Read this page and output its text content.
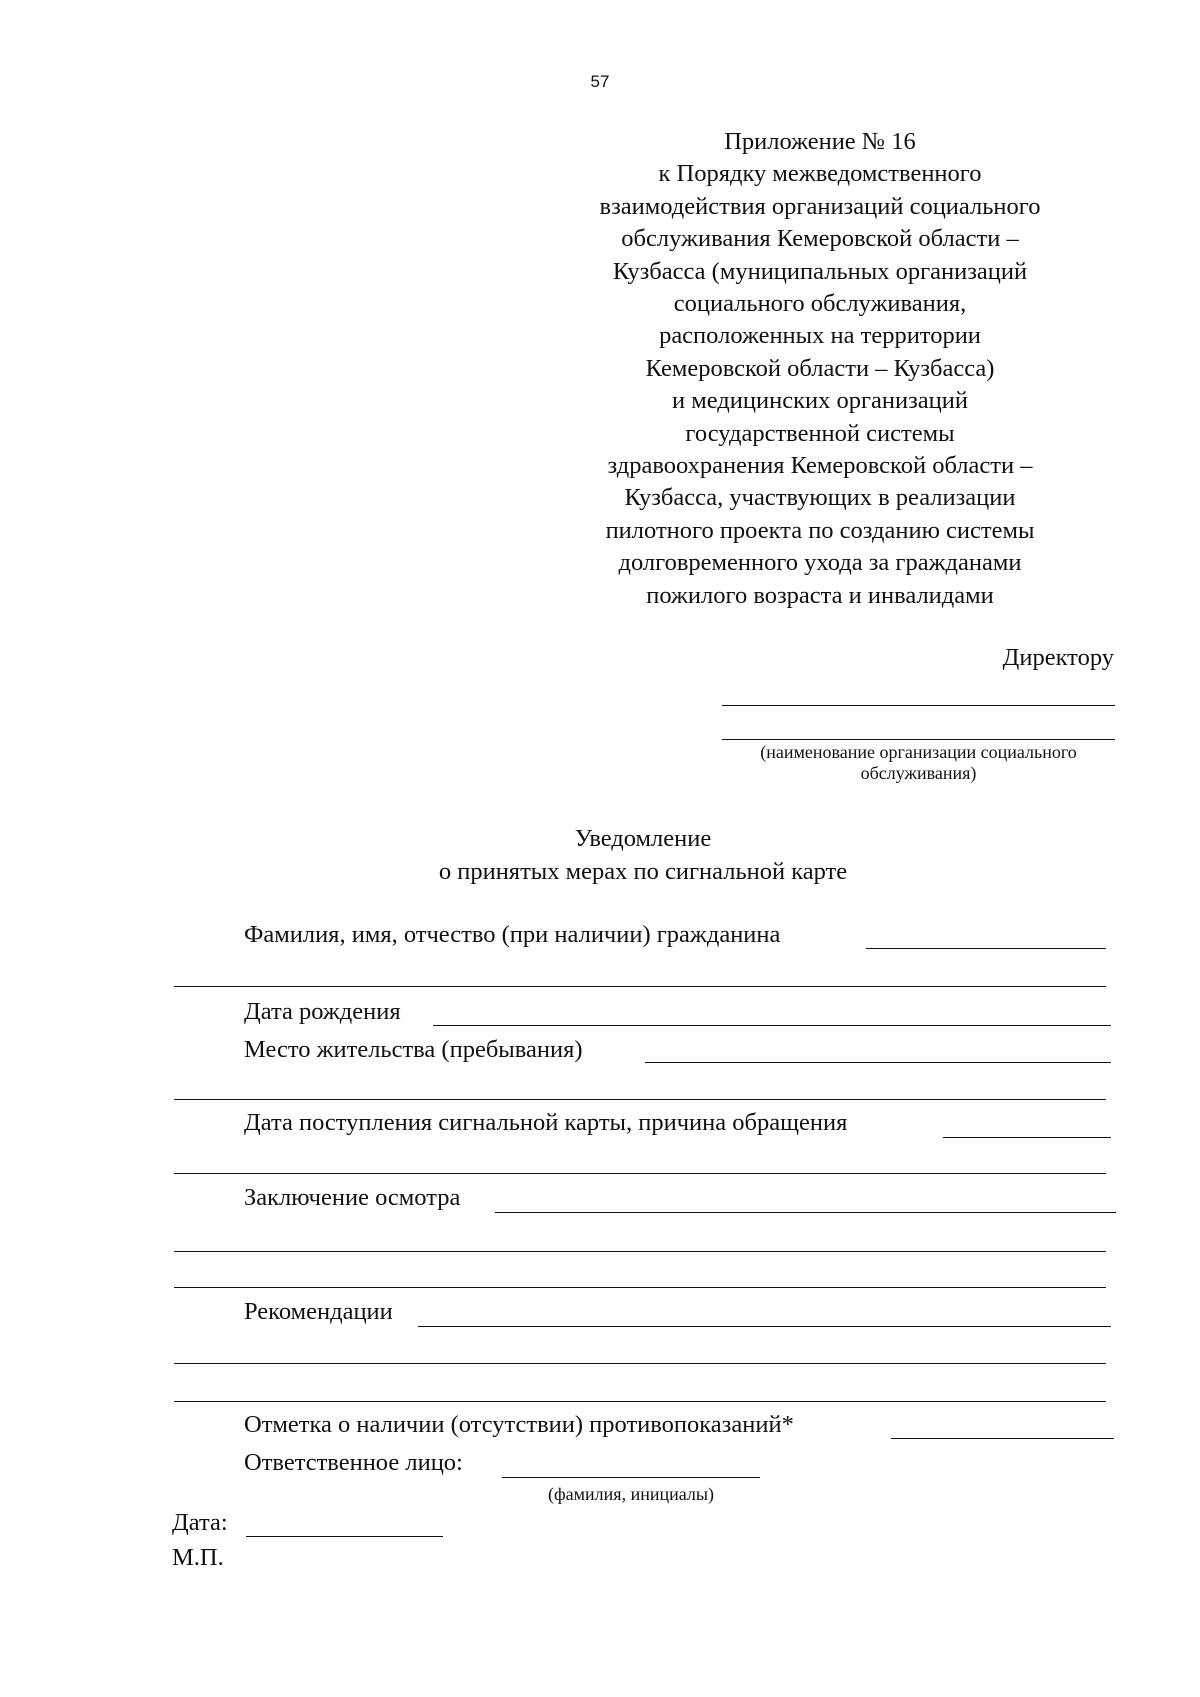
57
Приложение № 16
к Порядку межведомственного
взаимодействия организаций социального
обслуживания Кемеровской области –
Кузбасса (муниципальных организаций
социального обслуживания,
расположенных на территории
Кемеровской области – Кузбасса)
и медицинских организаций
государственной системы
здравоохранения Кемеровской области –
Кузбасса, участвующих в реализации
пилотного проекта по созданию системы
долговременного ухода за гражданами
пожилого возраста и инвалидами
Директору
(наименование организации социального
обслуживания)
Уведомление
о принятых мерах по сигнальной карте
Фамилия, имя, отчество (при наличии) гражданина
Дата рождения
Место жительства (пребывания)
Дата поступления сигнальной карты, причина обращения
Заключение осмотра
Рекомендации
Отметка о наличии (отсутствии) противопоказаний*
Ответственное лицо:
(фамилия, инициалы)
Дата:
М.П.
